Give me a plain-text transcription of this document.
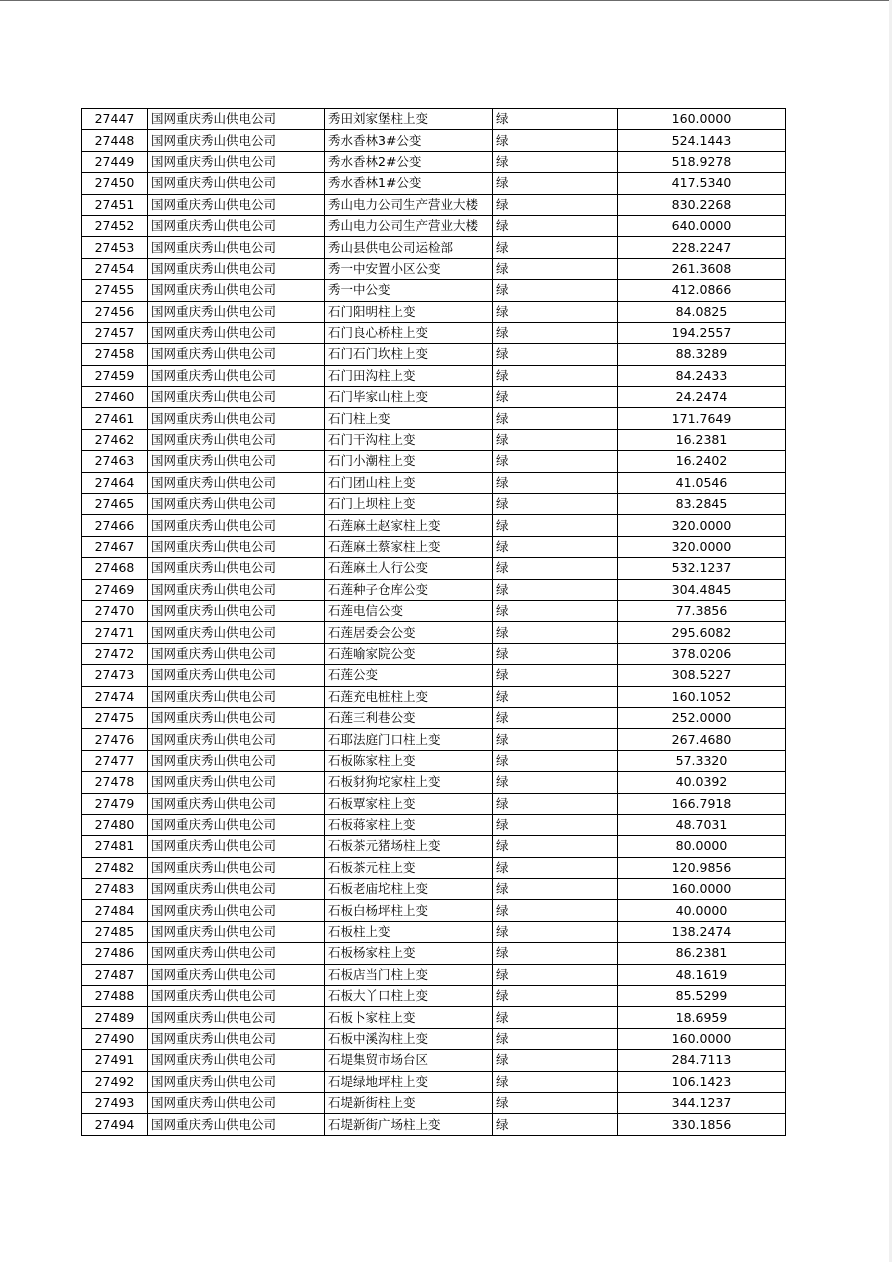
27447	国网重庆秀山供电公司	秀田刘家堡柱上变	绿	160.0000
27448	国网重庆秀山供电公司	秀水香林3#公变	绿	524.1443
27449	国网重庆秀山供电公司	秀水香林2#公变	绿	518.9278
27450	国网重庆秀山供电公司	秀水香林1#公变	绿	417.5340
27451	国网重庆秀山供电公司	秀山电力公司生产营业大楼	绿	830.2268
27452	国网重庆秀山供电公司	秀山电力公司生产营业大楼	绿	640.0000
27453	国网重庆秀山供电公司	秀山县供电公司运检部	绿	228.2247
27454	国网重庆秀山供电公司	秀一中安置小区公变	绿	261.3608
27455	国网重庆秀山供电公司	秀一中公变	绿	412.0866
27456	国网重庆秀山供电公司	石门阳明柱上变	绿	84.0825
27457	国网重庆秀山供电公司	石门良心桥柱上变	绿	194.2557
27458	国网重庆秀山供电公司	石门石门坎柱上变	绿	88.3289
27459	国网重庆秀山供电公司	石门田沟柱上变	绿	84.2433
27460	国网重庆秀山供电公司	石门毕家山柱上变	绿	24.2474
27461	国网重庆秀山供电公司	石门柱上变	绿	171.7649
27462	国网重庆秀山供电公司	石门干沟柱上变	绿	16.2381
27463	国网重庆秀山供电公司	石门小潮柱上变	绿	16.2402
27464	国网重庆秀山供电公司	石门团山柱上变	绿	41.0546
27465	国网重庆秀山供电公司	石门上坝柱上变	绿	83.2845
27466	国网重庆秀山供电公司	石莲麻土赵家柱上变	绿	320.0000
27467	国网重庆秀山供电公司	石莲麻土蔡家柱上变	绿	320.0000
27468	国网重庆秀山供电公司	石莲麻土人行公变	绿	532.1237
27469	国网重庆秀山供电公司	石莲种子仓库公变	绿	304.4845
27470	国网重庆秀山供电公司	石莲电信公变	绿	77.3856
27471	国网重庆秀山供电公司	石莲居委会公变	绿	295.6082
27472	国网重庆秀山供电公司	石莲喻家院公变	绿	378.0206
27473	国网重庆秀山供电公司	石莲公变	绿	308.5227
27474	国网重庆秀山供电公司	石莲充电桩柱上变	绿	160.1052
27475	国网重庆秀山供电公司	石莲三利巷公变	绿	252.0000
27476	国网重庆秀山供电公司	石耶法庭门口柱上变	绿	267.4680
27477	国网重庆秀山供电公司	石板陈家柱上变	绿	57.3320
27478	国网重庆秀山供电公司	石板豺狗坨家柱上变	绿	40.0392
27479	国网重庆秀山供电公司	石板覃家柱上变	绿	166.7918
27480	国网重庆秀山供电公司	石板蒋家柱上变	绿	48.7031
27481	国网重庆秀山供电公司	石板茶元猪场柱上变	绿	80.0000
27482	国网重庆秀山供电公司	石板茶元柱上变	绿	120.9856
27483	国网重庆秀山供电公司	石板老庙坨柱上变	绿	160.0000
27484	国网重庆秀山供电公司	石板白杨坪柱上变	绿	40.0000
27485	国网重庆秀山供电公司	石板柱上变	绿	138.2474
27486	国网重庆秀山供电公司	石板杨家柱上变	绿	86.2381
27487	国网重庆秀山供电公司	石板店当门柱上变	绿	48.1619
27488	国网重庆秀山供电公司	石板大丫口柱上变	绿	85.5299
27489	国网重庆秀山供电公司	石板卜家柱上变	绿	18.6959
27490	国网重庆秀山供电公司	石板中溪沟柱上变	绿	160.0000
27491	国网重庆秀山供电公司	石堤集贸市场台区	绿	284.7113
27492	国网重庆秀山供电公司	石堤绿地坪柱上变	绿	106.1423
27493	国网重庆秀山供电公司	石堤新街柱上变	绿	344.1237
27494	国网重庆秀山供电公司	石堤新街广场柱上变	绿	330.1856
